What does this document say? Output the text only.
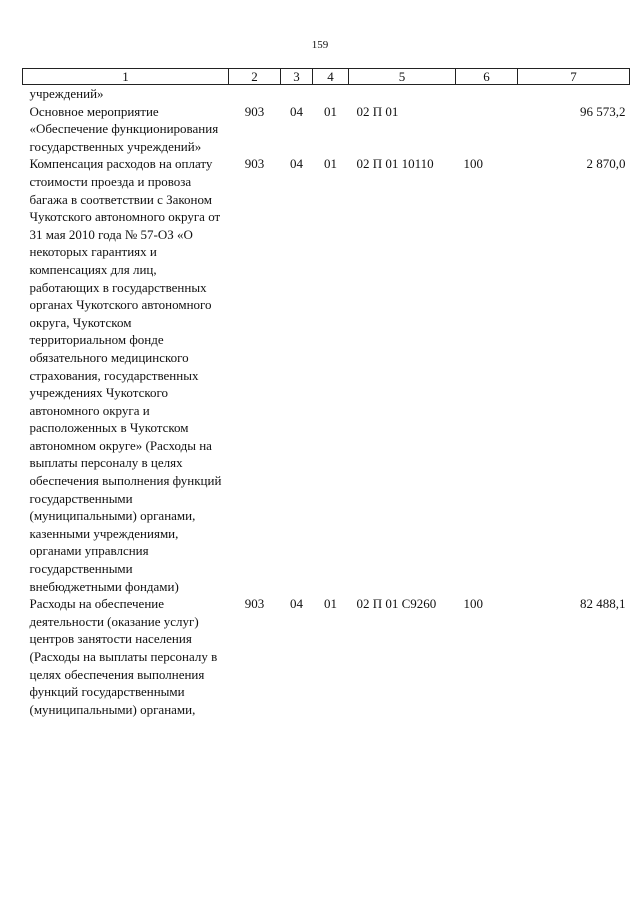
159
1	2	3	4	5	6	7
учреждений»						
Основное мероприятие «Обеспечение функционирования государственных учреждений»	903	04	01	02 П 01		96 573,2
Компенсация расходов на оплату стоимости проезда и провоза багажа в соответствии с Законом Чукотского автономного округа от 31 мая 2010 года № 57-ОЗ «О некоторых гарантиях и компенсациях для лиц, работающих в государственных органах Чукотского автономного округа, Чукотском территориальном фонде обязательного медицинского страхования, государственных учреждениях Чукотского автономного округа и расположенных в Чукотском автономном округе» (Расходы на выплаты персоналу в целях обеспечения выполнения функций государственными (муниципальными) органами, казенными учреждениями, органами управлсния государственными внебюджетными фондами)	903	04	01	02 П 01 10110	100	2 870,0
Расходы на обеспечение деятельности (оказание услуг) центров занятости населения (Расходы на выплаты персоналу в целях обеспечения выполнения функций государственными (муниципальными) органами,	903	04	01	02 П 01 С9260	100	82 488,1
